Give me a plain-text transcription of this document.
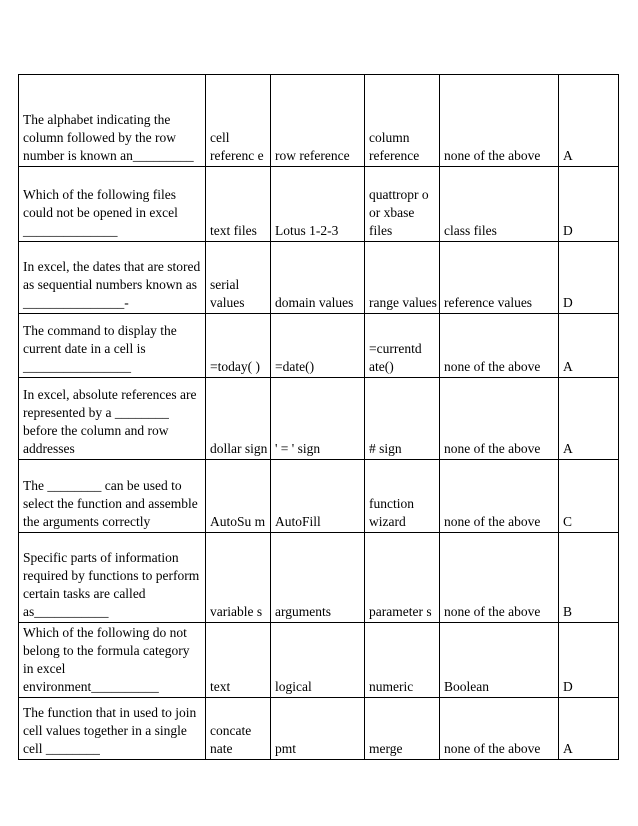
The alphabet indicating the column followed by the row number is known an_________	cell referenc e	row reference	column reference	none of the above	A
Which of the following files could not be opened in excel ______________	text files	Lotus 1-2-3	quattropr o or xbase files	class files	D
In excel, the dates that are stored as sequential numbers known as _______________-	serial values	domain values	range values	reference values	D
The command to display the current date in a cell is ________________	=today( )	=date()	=currentd ate()	none of the above	A
In excel, absolute references are represented by a ________ before the column and row addresses	dollar sign	' = ' sign	# sign	none of the above	A
The ________ can be used to select the function and assemble the arguments correctly	AutoSu m	AutoFill	function wizard	none of the above	C
Specific parts of information required by functions to perform certain tasks are called as___________	variable s	arguments	parameter s	none of the above	B
Which of the following do not belong to the formula category in excel environment__________	text	logical	numeric	Boolean	D
The function that in used to join cell values together in a single cell ________	concate nate	pmt	merge	none of the above	A
